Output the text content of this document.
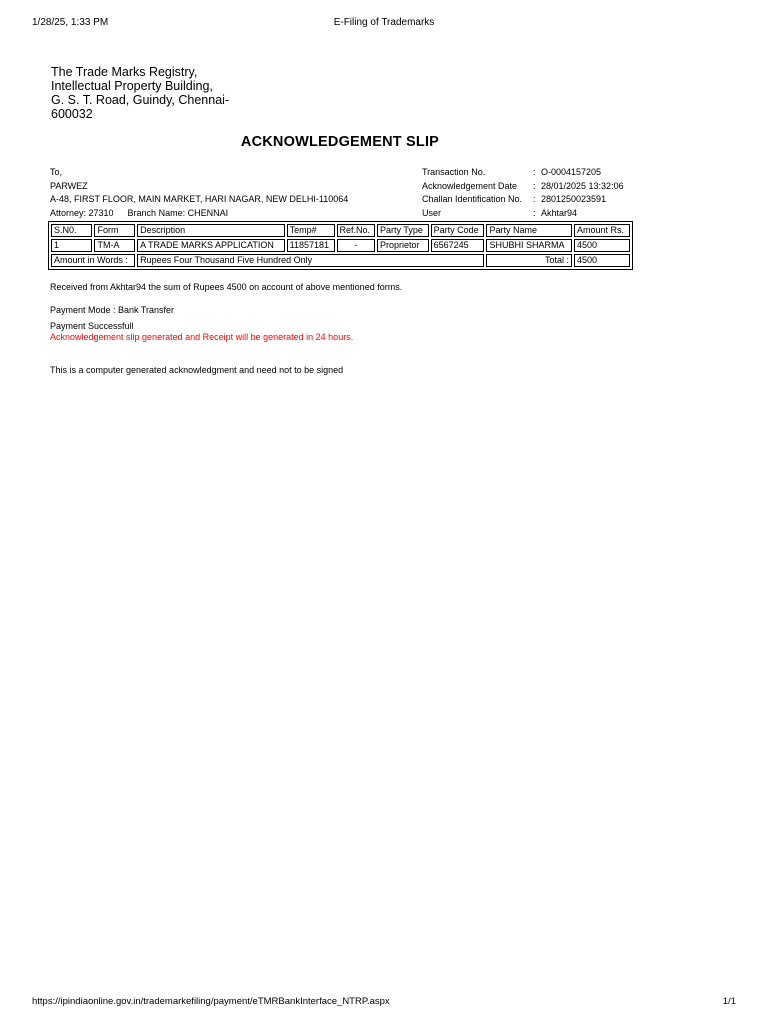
1/28/25, 1:33 PM	E-Filing of Trademarks
The Trade Marks Registry,
Intellectual Property Building,
G. S. T. Road, Guindy, Chennai-
600032
ACKNOWLEDGEMENT SLIP
To,
PARWEZ
A-48, FIRST FLOOR, MAIN MARKET, HARI NAGAR, NEW DELHI-110064
Attorney: 27310 Branch Name: CHENNAI
Transaction No.	: O-0004157205
Acknowledgement Date	: 28/01/2025 13:32:06
Challan Identification No.	: 2801250023591
User	: Akhtar94
S.N0.	Form	Description	Temp#	Ref.No.	Party Type	Party Code	Party Name	Amount Rs.
1	TM-A	A TRADE MARKS APPLICATION	11857181	-	Proprietor	6567245	SHUBHI SHARMA	4500
Amount in Words :		Rupees Four Thousand Five Hundred Only					Total :	4500
Received from Akhtar94 the sum of Rupees 4500 on account of above mentioned forms.
Payment Mode : Bank Transfer
Payment Successfull
Acknowledgement slip generated and Receipt will be generated in 24 hours.
This is a computer generated acknowledgment and need not to be signed
https://ipindiaonline.gov.in/trademarkefiling/payment/eTMRBankInterface_NTRP.aspx	1/1
